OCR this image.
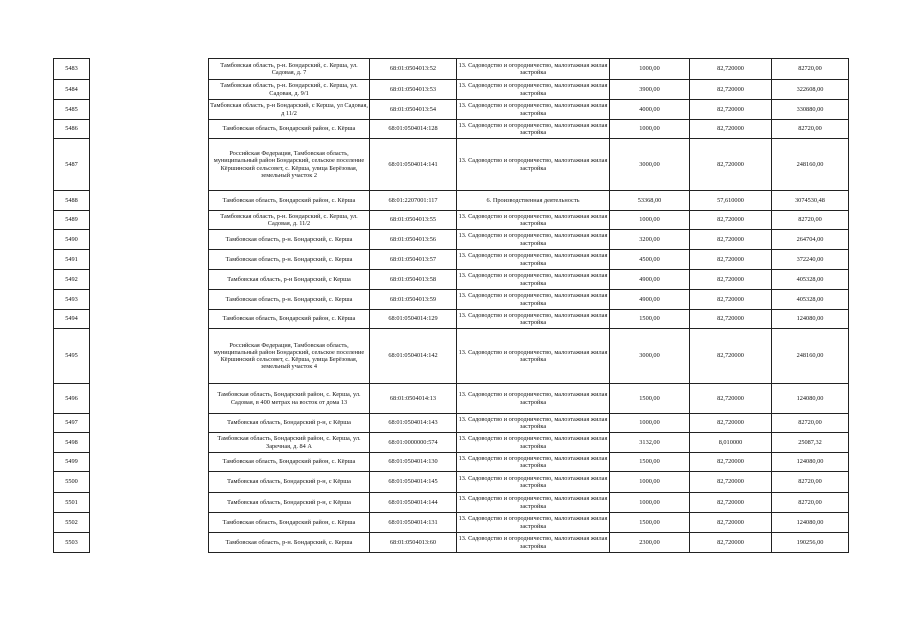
5483		Тамбовская область, р-н. Бондарский, с. Керша, ул. Садовая, д. 7	68:01:0504013:52	13. Садоводство и огородничество, малоэтажная жилая застройка	1000,00	82,720000	82720,00
5484		Тамбовская область, р-н. Бондарский, с. Керша, ул. Садовая, д. 9/1	68:01:0504013:53	13. Садоводство и огородничество, малоэтажная жилая застройка	3900,00	82,720000	322608,00
5485		Тамбовская область, р-н Бондарский, с Керша, ул Садовая, д 11/2	68:01:0504013:54	13. Садоводство и огородничество, малоэтажная жилая застройка	4000,00	82,720000	330880,00
5486		Тамбовская область, Бондарский район, с. Кёрша	68:01:0504014:128	13. Садоводство и огородничество, малоэтажная жилая застройка	1000,00	82,720000	82720,00
5487		Российская Федерация, Тамбовская область, муниципальный район Бондарский, сельское поселение Кёршинский сельсовет, с. Кёрша, улица Берёзовая, земельный участок 2	68:01:0504014:141	13. Садоводство и огородничество, малоэтажная жилая застройка	3000,00	82,720000	248160,00
5488		Тамбовская область, Бондарский район, с. Кёрша	68:01:2207001:117	6. Производственная деятельность	53368,00	57,610000	3074530,48
5489		Тамбовская область, р-н. Бондарский, с. Керша, ул. Садовая, д. 11/2	68:01:0504013:55	13. Садоводство и огородничество, малоэтажная жилая застройка	1000,00	82,720000	82720,00
5490		Тамбовская область, р-н. Бондарский, с. Керша	68:01:0504013:56	13. Садоводство и огородничество, малоэтажная жилая застройка	3200,00	82,720000	264704,00
5491		Тамбовская область, р-н. Бондарский, с. Керша	68:01:0504013:57	13. Садоводство и огородничество, малоэтажная жилая застройка	4500,00	82,720000	372240,00
5492		Тамбовская область, р-н Бондарский, с Керша	68:01:0504013:58	13. Садоводство и огородничество, малоэтажная жилая застройка	4900,00	82,720000	405328,00
5493		Тамбовская область, р-н. Бондарский, с. Керша	68:01:0504013:59	13. Садоводство и огородничество, малоэтажная жилая застройка	4900,00	82,720000	405328,00
5494		Тамбовская область, Бондарский район, с. Кёрша	68:01:0504014:129	13. Садоводство и огородничество, малоэтажная жилая застройка	1500,00	82,720000	124080,00
5495		Российская Федерация, Тамбовская область, муниципальный район Бондарский, сельское поселение Кёршинский сельсовет, с. Кёрша, улица Берёзовая, земельный участок 4	68:01:0504014:142	13. Садоводство и огородничество, малоэтажная жилая застройка	3000,00	82,720000	248160,00
5496		Тамбовская область, Бондарский район, с. Керша, ул. Садовая, в 400 метрах на восток от дома 13	68:01:0504014:13	13. Садоводство и огородничество, малоэтажная жилая застройка	1500,00	82,720000	124080,00
5497		Тамбовская область, Бондарский р-н, с Кёрша	68:01:0504014:143	13. Садоводство и огородничество, малоэтажная жилая застройка	1000,00	82,720000	82720,00
5498		Тамбовская область, Бондарский район, с. Керша, ул. Заречная, д. 84 А	68:01:0000000:574	13. Садоводство и огородничество, малоэтажная жилая застройка	3132,00	8,010000	25087,32
5499		Тамбовская область, Бондарский район, с. Кёрша	68:01:0504014:130	13. Садоводство и огородничество, малоэтажная жилая застройка	1500,00	82,720000	124080,00
5500		Тамбовская область, Бондарский р-н, с Кёрша	68:01:0504014:145	13. Садоводство и огородничество, малоэтажная жилая застройка	1000,00	82,720000	82720,00
5501		Тамбовская область, Бондарский р-н, с Кёрша	68:01:0504014:144	13. Садоводство и огородничество, малоэтажная жилая застройка	1000,00	82,720000	82720,00
5502		Тамбовская область, Бондарский район, с. Кёрша	68:01:0504014:131	13. Садоводство и огородничество, малоэтажная жилая застройка	1500,00	82,720000	124080,00
5503		Тамбовская область, р-н. Бондарский, с. Керша	68:01:0504013:60	13. Садоводство и огородничество, малоэтажная жилая застройка	2300,00	82,720000	190256,00
